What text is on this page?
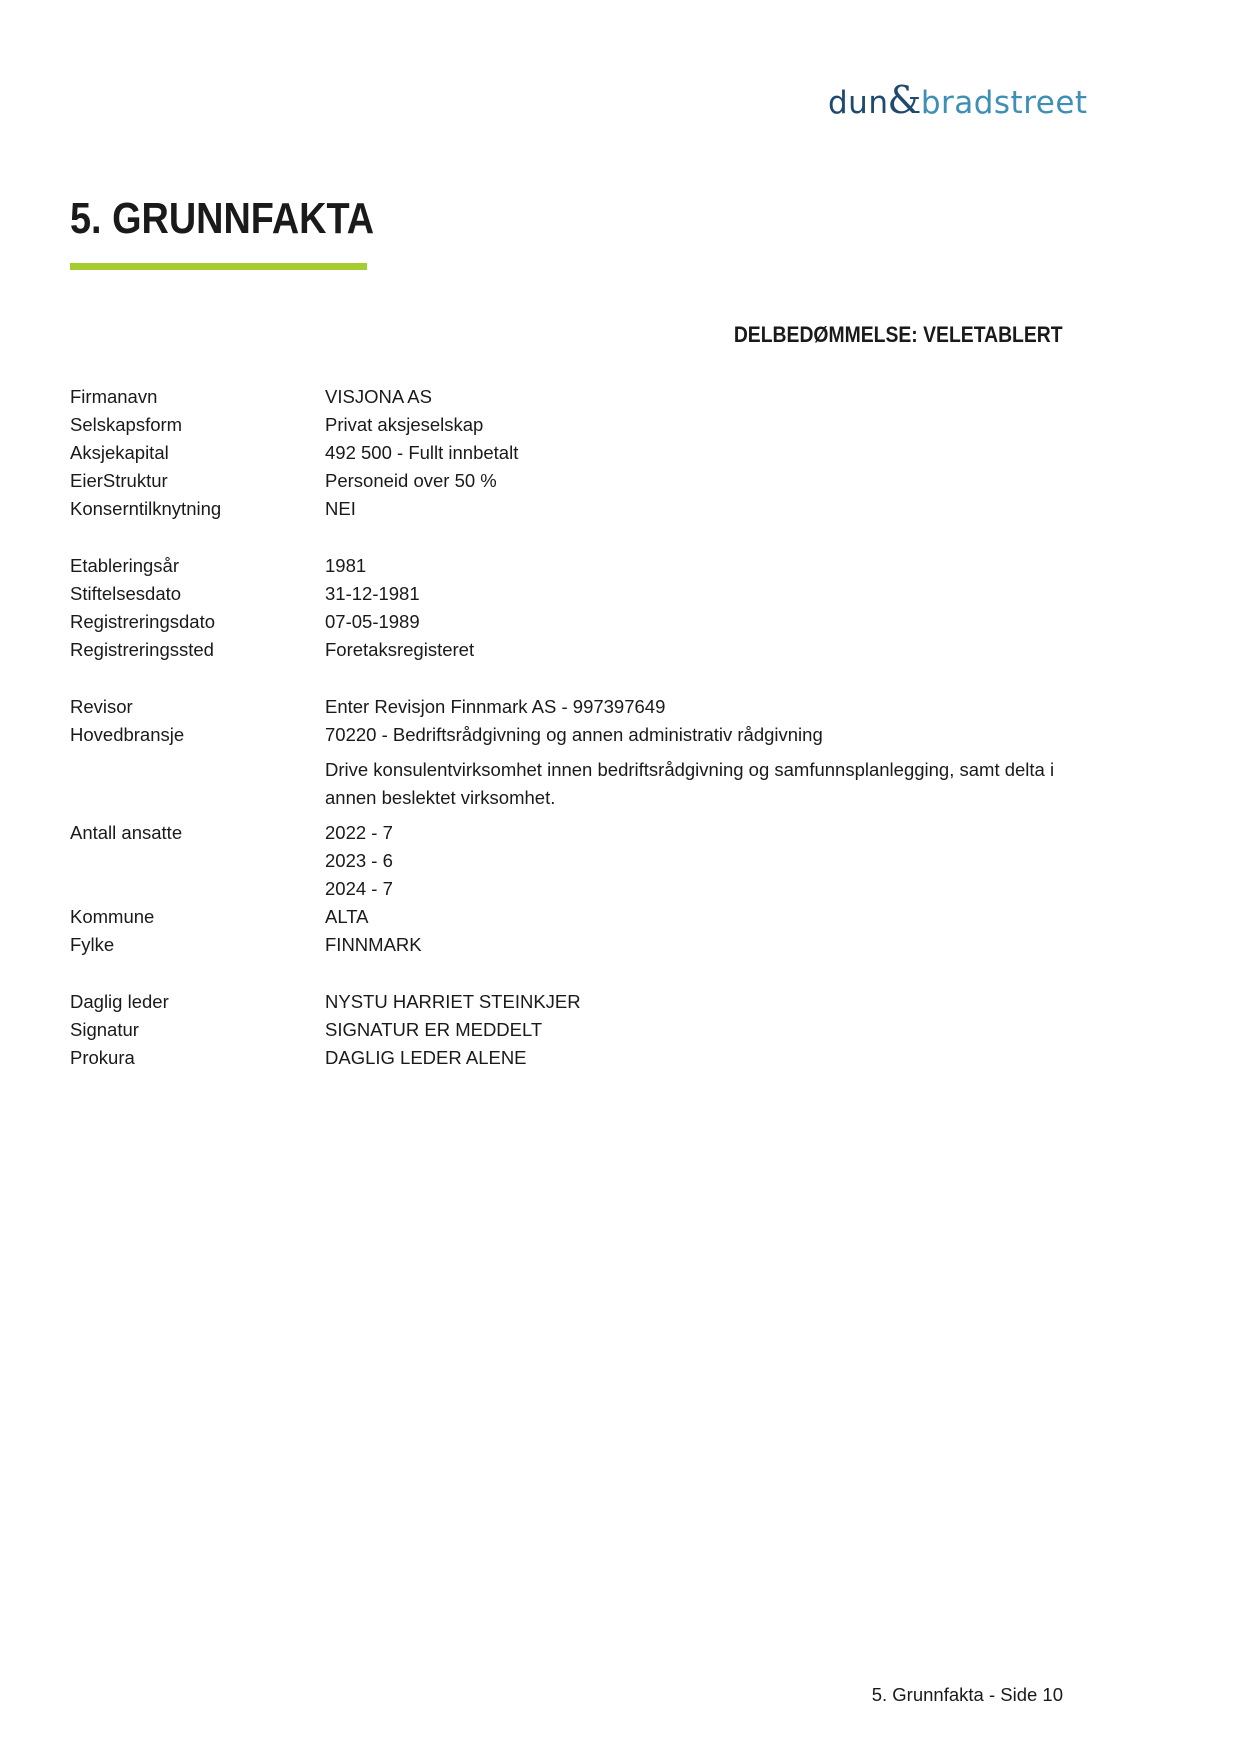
dun&bradstreet
5. GRUNNFAKTA
DELBEDØMMELSE: VELETABLERT
Firmanavn	VISJONA AS
Selskapsform	Privat aksjeselskap
Aksjekapital	492 500 - Fullt innbetalt
EierStruktur	Personeid over 50 %
Konserntilknytning	NEI
Etableringsår	1981
Stiftelsesdato	31-12-1981
Registreringsdato	07-05-1989
Registreringssted	Foretaksregisteret
Revisor	Enter Revisjon Finnmark AS - 997397649
Hovedbransje	70220 - Bedriftsrådgivning og annen administrativ rådgivning
Drive konsulentvirksomhet innen bedriftsrådgivning og samfunnsplanlegging, samt delta i annen beslektet virksomhet.
Antall ansatte	2022 - 7
2023 - 6
2024 - 7
Kommune	ALTA
Fylke	FINNMARK
Daglig leder	NYSTU HARRIET STEINKJER
Signatur	SIGNATUR ER MEDDELT
Prokura	DAGLIG LEDER ALENE
5. Grunnfakta - Side 10
